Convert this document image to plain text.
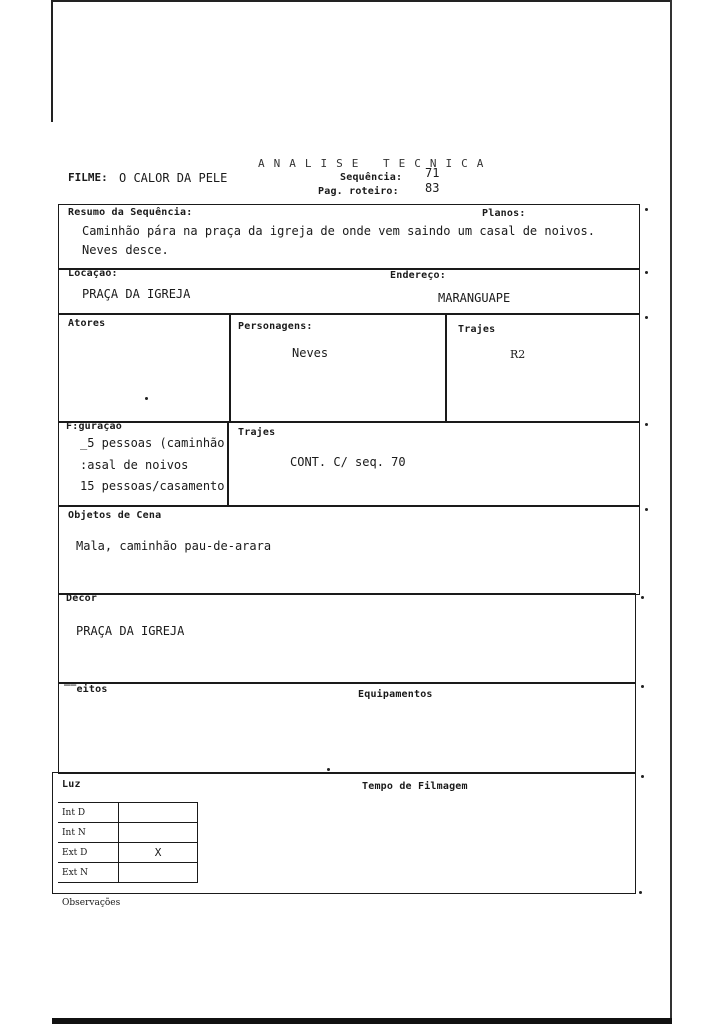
ANALISE TECNICA
FILME: O CALOR DA PELE	Sequência: 71
Pag. roteiro: 83
Resumo da Sequência:	Planos:
Caminhão pára na praça da igreja de onde vem saindo um casal de noivos.
Neves desce.
Locação:
PRAÇA DA IGREJA
Endereço:
MARANGUAPE
Atores	Personagens:
Neves
Trajes
R2
F:guração
_5 pessoas (caminhão
:asal de noivos
15 pessoas/casamento
Trajes
CONT. C/ seq. 70
Objetos de Cena
Mala, caminhão pau-de-arara
Decor
PRAÇA DA IGREJA
‾‾eitos	Equipamentos
Luz	Tempo de Filmagem
Int D	
Int N	
Ext D	X
Ext N	
Observações
